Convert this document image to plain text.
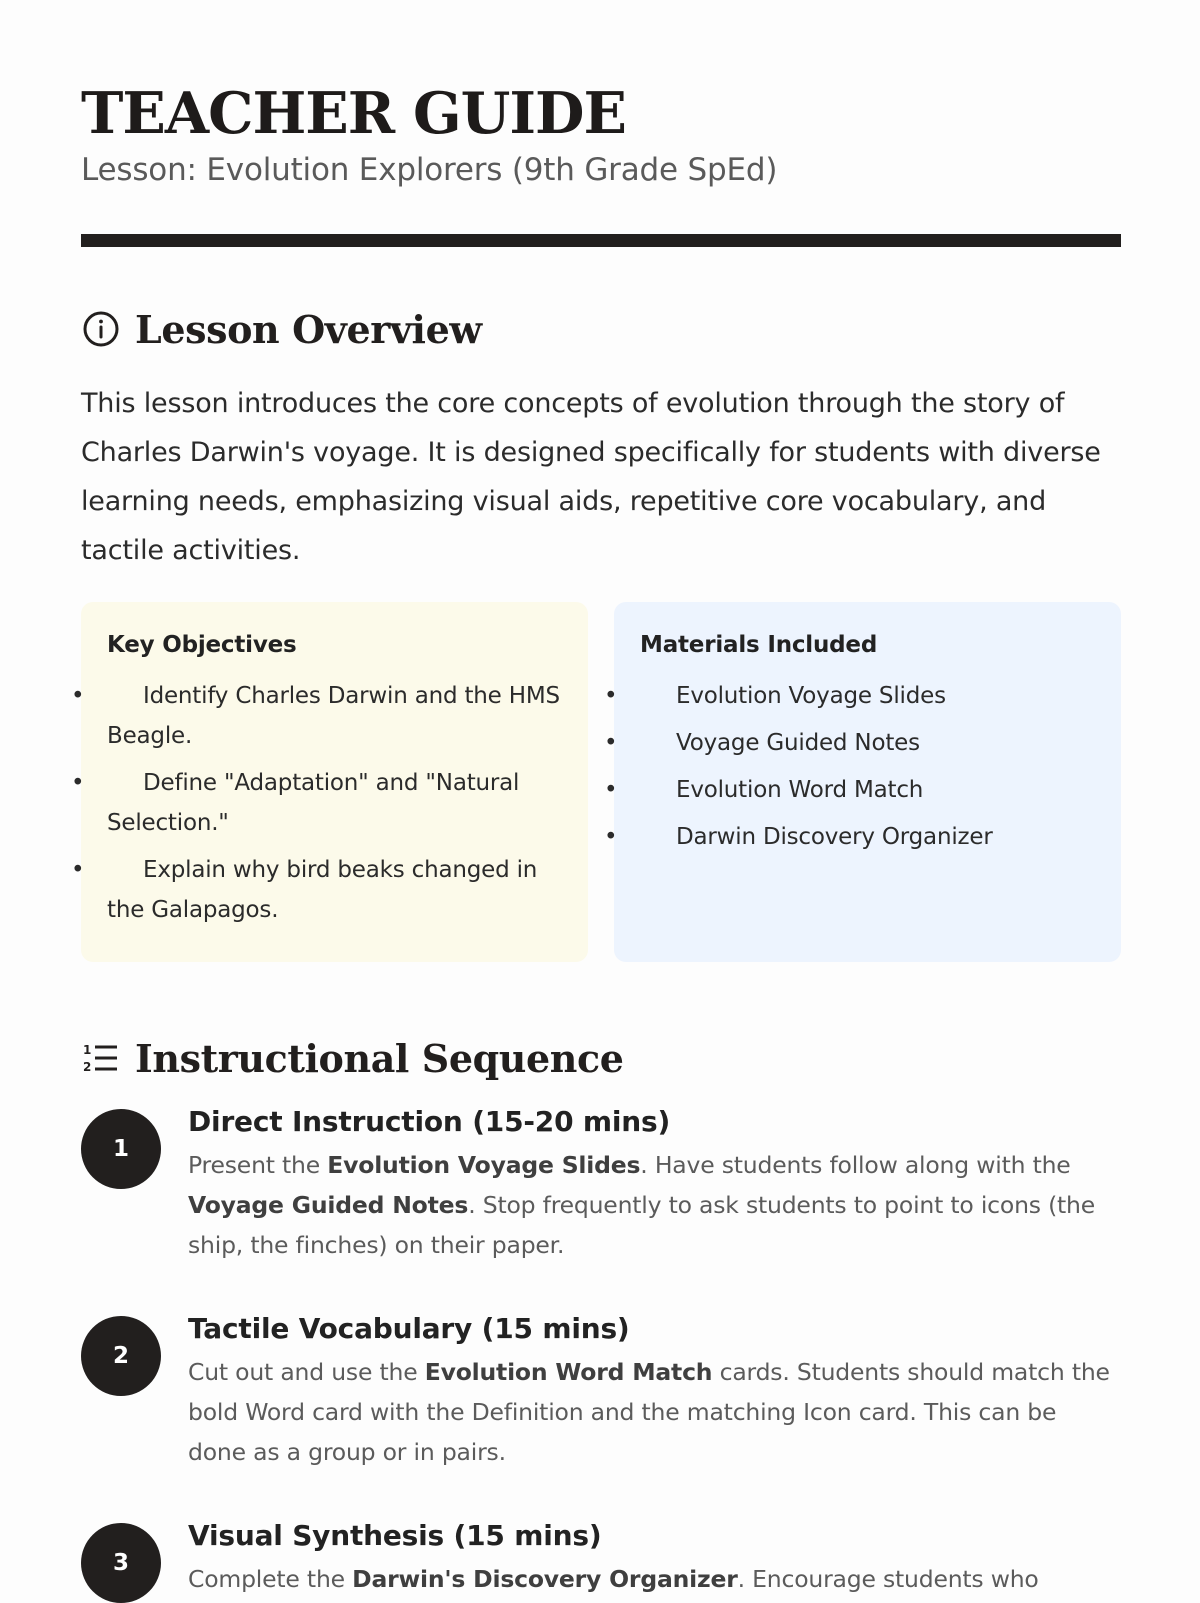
TEACHER GUIDE
Lesson: Evolution Explorers (9th Grade SpEd)
Lesson Overview

This lesson introduces the core concepts of evolution through the story of Charles Darwin's voyage. It is designed specifically for students with diverse learning needs, emphasizing visual aids, repetitive core vocabulary, and tactile activities.

Key Objectives
• Identify Charles Darwin and the HMS Beagle.
• Define "Adaptation" and "Natural Selection."
• Explain why bird beaks changed in the Galapagos.
Materials Included
• Evolution Voyage Slides
• Voyage Guided Notes
• Evolution Word Match
• Darwin Discovery Organizer
1
2 Instructional Sequence
1

Direct Instruction (15-20 mins)

Present the Evolution Voyage Slides. Have students follow along with the Voyage Guided Notes. Stop frequently to ask students to point to icons (the ship, the finches) on their paper.

2

Tactile Vocabulary (15 mins)

Cut out and use the Evolution Word Match cards. Students should match the bold Word card with the Definition and the matching Icon card. This can be done as a group or in pairs.

3

Visual Synthesis (15 mins)

Complete the Darwin's Discovery Organizer. Encourage students who
